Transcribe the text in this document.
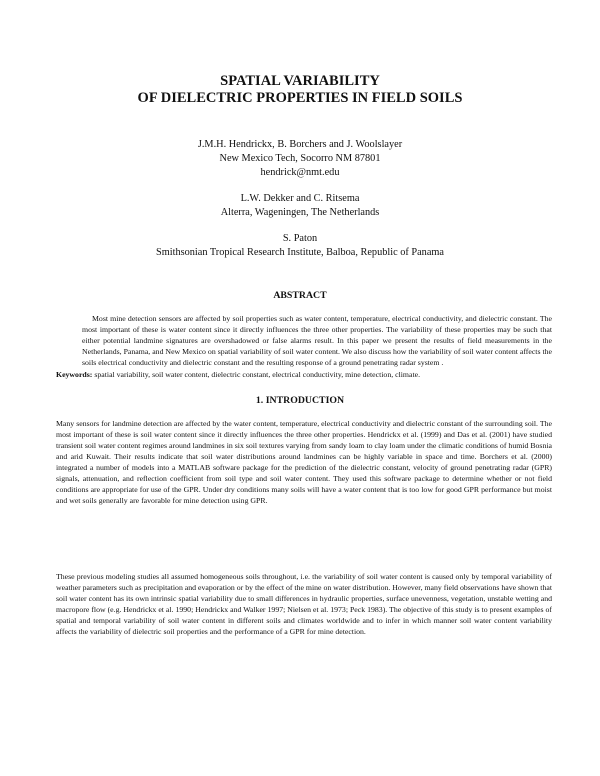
SPATIAL VARIABILITY
OF DIELECTRIC PROPERTIES IN FIELD SOILS
J.M.H. Hendrickx, B. Borchers and J. Woolslayer
New Mexico Tech, Socorro NM 87801
hendrick@nmt.edu
L.W. Dekker and C. Ritsema
Alterra, Wageningen, The Netherlands
S. Paton
Smithsonian Tropical Research Institute, Balboa, Republic of Panama
ABSTRACT

Most mine detection sensors are affected by soil properties such as water content, temperature, electrical conductivity, and dielectric constant. The most important of these is water content since it directly influences the three other properties. The variability of these properties may be such that either potential landmine signatures are overshadowed or false alarms result. In this paper we present the results of field measurements in the Netherlands, Panama, and New Mexico on spatial variability of soil water content. We also discuss how the variability of soil water content affects the soils electrical conductivity and dielectric constant and the resulting response of a ground penetrating radar system .

Keywords: spatial variability, soil water content, dielectric constant, electrical conductivity, mine detection, climate.

1. INTRODUCTION

Many sensors for landmine detection are affected by the water content, temperature, electrical conductivity and dielectric constant of the surrounding soil. The most important of these is soil water content since it directly influences the three other properties. Hendrickx et al. (1999) and Das et al. (2001) have studied transient soil water content regimes around landmines in six soil textures varying from sandy loam to clay loam under the climatic conditions of humid Bosnia and arid Kuwait. Their results indicate that soil water distributions around landmines can be highly variable in space and time. Borchers et al. (2000) integrated a number of models into a MATLAB software package for the prediction of the dielectric constant, velocity of ground penetrating radar (GPR) signals, attenuation, and reflection coefficient from soil type and soil water content. They used this software package to determine whether or not field conditions are appropriate for use of the GPR. Under dry conditions many soils will have a water content that is too low for good GPR performance but moist and wet soils generally are favorable for mine detection using GPR.

These previous modeling studies all assumed homogeneous soils throughout, i.e. the variability of soil water content is caused only by temporal variability of weather parameters such as precipitation and evaporation or by the effect of the mine on water distribution. However, many field observations have shown that soil water content has its own intrinsic spatial variability due to small differences in hydraulic properties, surface unevenness, vegetation, unstable wetting and macropore flow (e.g. Hendrickx et al. 1990; Hendrickx and Walker 1997; Nielsen et al. 1973; Peck 1983). The objective of this study is to present examples of spatial and temporal variability of soil water content in different soils and climates worldwide and to infer in which manner soil water content variability affects the variability of dielectric soil properties and the performance of a GPR for mine detection.
